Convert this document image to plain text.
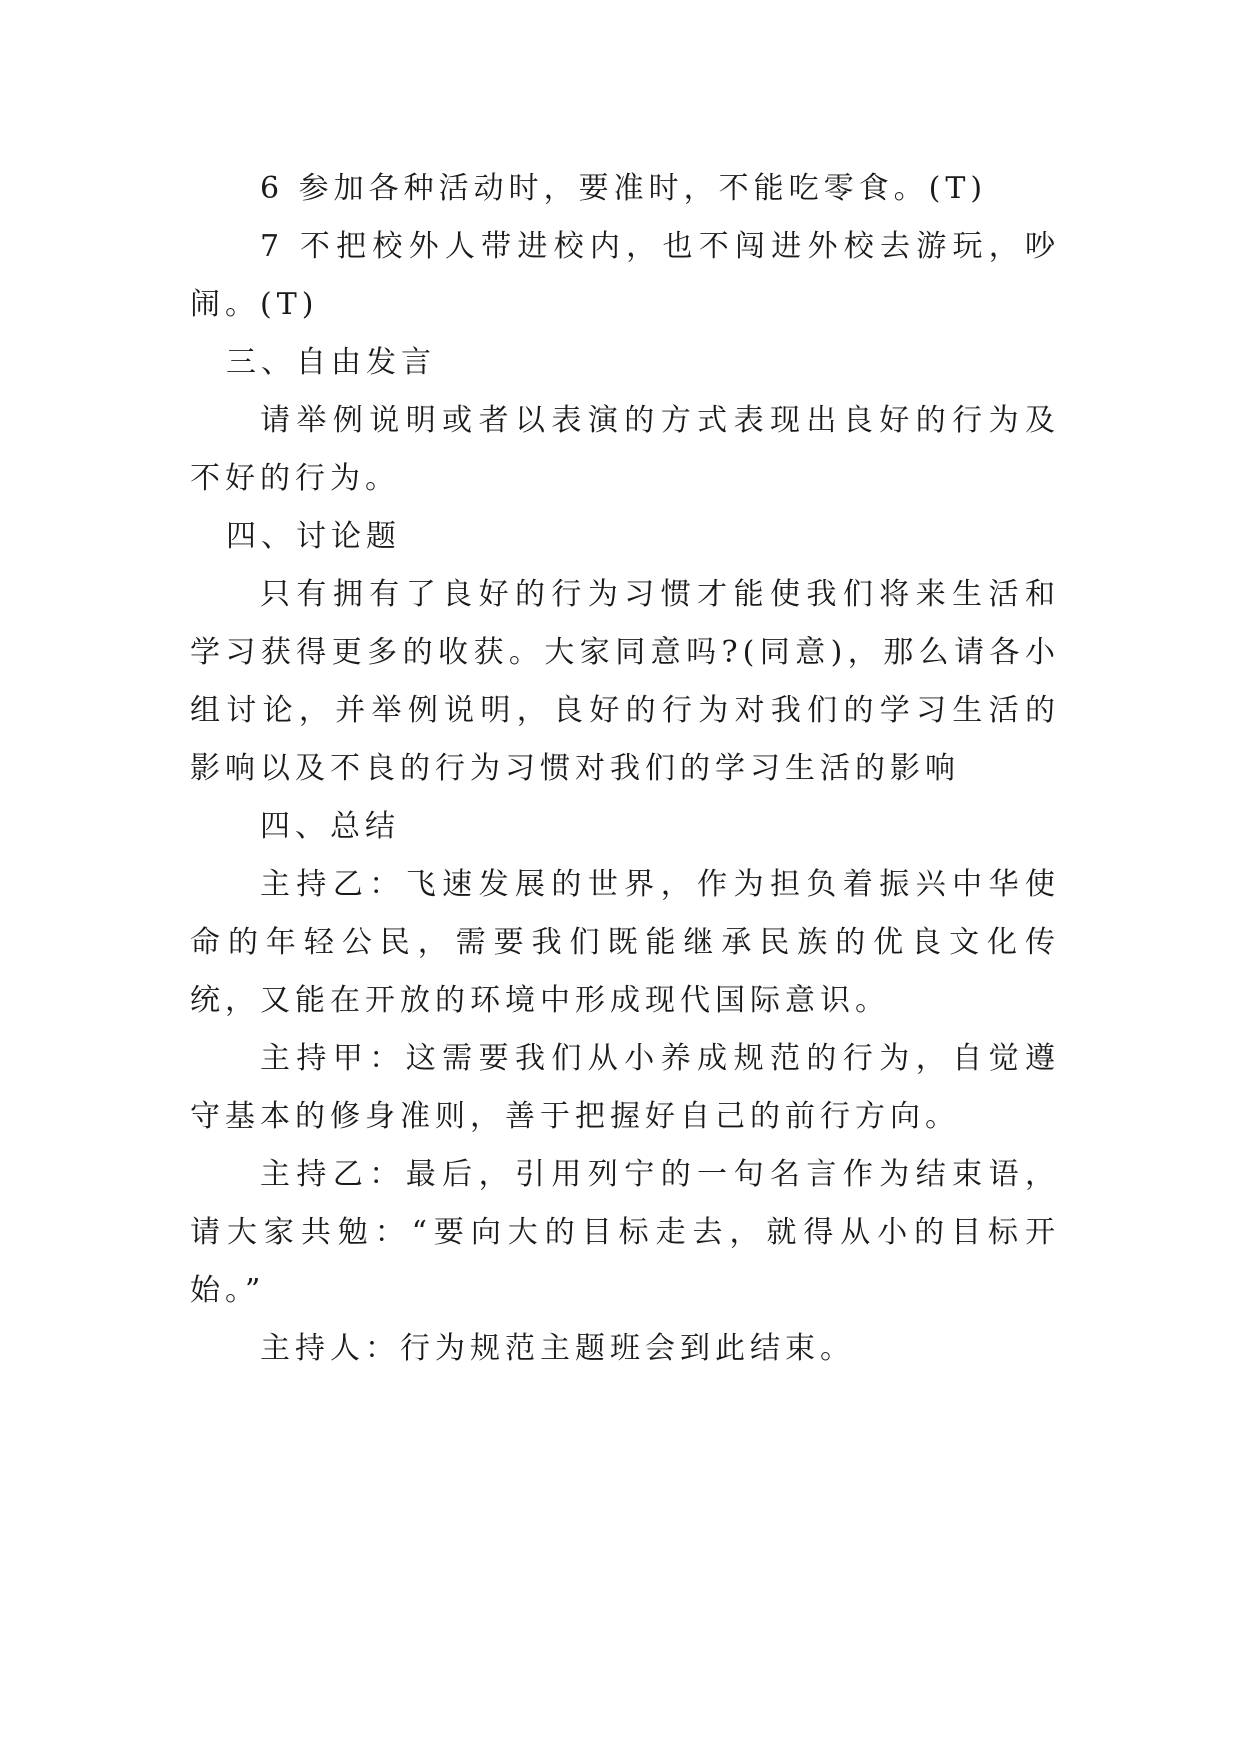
6 参加各种活动时，要准时，不能吃零食。(T)

7 不把校外人带进校内，也不闯进外校去游玩，吵闹。(T)

三、自由发言

请举例说明或者以表演的方式表现出良好的行为及不好的行为。

四、讨论题

只有拥有了良好的行为习惯才能使我们将来生活和学习获得更多的收获。大家同意吗?(同意)，那么请各小组讨论，并举例说明，良好的行为对我们的学习生活的影响以及不良的行为习惯对我们的学习生活的影响

四、总结

主持乙：飞速发展的世界，作为担负着振兴中华使命的年轻公民，需要我们既能继承民族的优良文化传统，又能在开放的环境中形成现代国际意识。

主持甲：这需要我们从小养成规范的行为，自觉遵守基本的修身准则，善于把握好自己的前行方向。

主持乙：最后，引用列宁的一句名言作为结束语，请大家共勉：“要向大的目标走去，就得从小的目标开始。”

主持人：行为规范主题班会到此结束。
